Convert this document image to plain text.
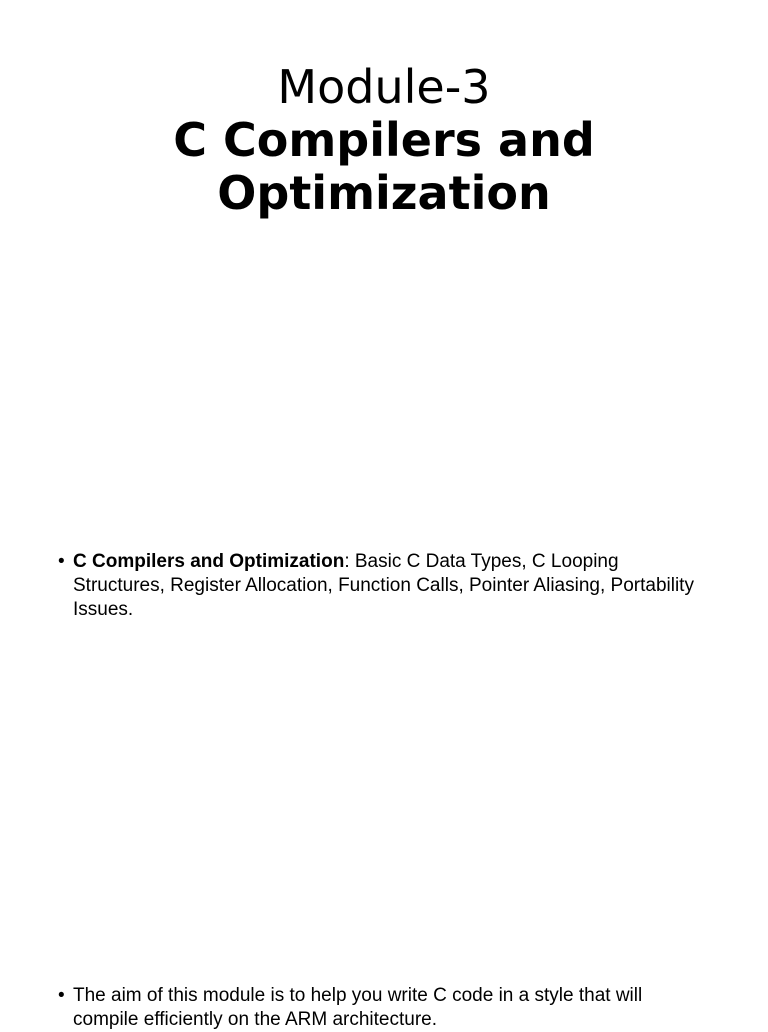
Module-3
C Compilers and Optimization
• C Compilers and Optimization: Basic C Data Types, C Looping Structures, Register Allocation, Function Calls, Pointer Aliasing, Portability Issues.
• The aim of this module is to help you write C code in a style that will compile efficiently on the ARM architecture.
